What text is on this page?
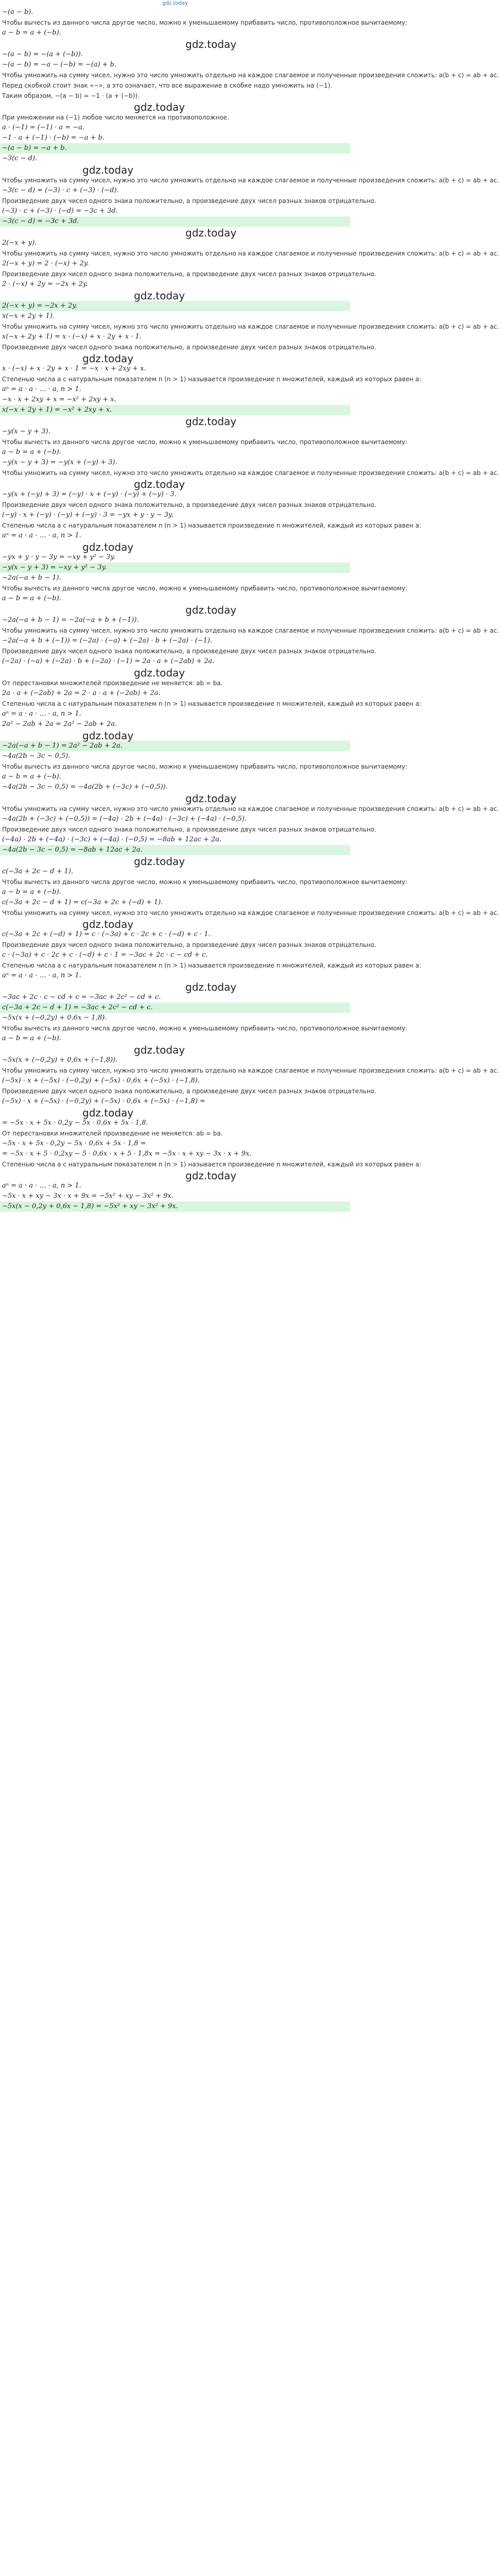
gdz.today
−(a − b).
Чтобы вычесть из данного числа другое число, можно к уменьшаемому прибавить число, противоположное вычитаемому:
a − b = a + (−b).
gdz.today
−(a − b) = −(a + (−b)).
−(a − b) = −a − (−b) = −(a) + b.
Чтобы умножить на сумму чисел, нужно это число умножить отдельно на каждое слагаемое и полученные произведения сложить: a(b + c) = ab + ac.
Перед скобкой стоит знак «−», а это означает, что все выражение в скобке надо умножить на (−1).
Таким образом, −(a − b) = −1 · (a + (−b)).
gdz.today
При умножении на (−1) любое число меняется на противоположное.
a · (−1) = (−1) · a = −a.
−1 · a + (−1) · (−b) = −a + b.
−(a − b) = −a + b.
−3(c − d).
gdz.today
Чтобы умножить на сумму чисел, нужно это число умножить отдельно на каждое слагаемое и полученные произведения сложить: a(b + c) = ab + ac.
−3(c − d) = (−3) · c + (−3) · (−d).
Произведение двух чисел одного знака положительно, а произведение двух чисел разных знаков отрицательно.
(−3) · c + (−3) · (−d) = −3c + 3d.
−3(c − d) = −3c + 3d.
gdz.today
2(−x + y).
Чтобы умножить на сумму чисел, нужно это число умножить отдельно на каждое слагаемое и полученные произведения сложить: a(b + c) = ab + ac.
2(−x + y) = 2 · (−x) + 2y.
Произведение двух чисел одного знака положительно, а произведение двух чисел разных знаков отрицательно.
2 · (−x) + 2y = −2x + 2y.
gdz.today
2(−x + y) = −2x + 2y.
x(−x + 2y + 1).
Чтобы умножить на сумму чисел, нужно это число умножить отдельно на каждое слагаемое и полученные произведения сложить: a(b + c) = ab + ac.
x(−x + 2y + 1) = x · (−x) + x · 2y + x · 1.
Произведение двух чисел одного знака положительно, а произведение двух чисел разных знаков отрицательно.
gdz.today
x · (−x) + x · 2y + x · 1 = −x · x + 2xy + x.
Степенью числа a с натуральным показателем n (n > 1) называется произведение n множителей, каждый из которых равен a:
aⁿ = a · a · … · a, n > 1.
−x · x + 2xy + x = −x² + 2xy + x.
x(−x + 2y + 1) = −x² + 2xy + x.
gdz.today
−y(x − y + 3).
Чтобы вычесть из данного числа другое число, можно к уменьшаемому прибавить число, противоположное вычитаемому:
a − b = a + (−b).
−y(x − y + 3) = −y(x + (−y) + 3).
Чтобы умножить на сумму чисел, нужно это число умножить отдельно на каждое слагаемое и полученные произведения сложить: a(b + c) = ab + ac.
gdz.today
−y(x + (−y) + 3) = (−y) · x + (−y) · (−y) + (−y) · 3.
Произведение двух чисел одного знака положительно, а произведение двух чисел разных знаков отрицательно.
(−y) · x + (−y) · (−y) + (−y) · 3 = −yx + y · y − 3y.
Степенью числа a с натуральным показателем n (n > 1) называется произведение n множителей, каждый из которых равен a:
aⁿ = a · a · … · a, n > 1.
gdz.today
−yx + y · y − 3y = −xy + y² − 3y.
−y(x − y + 3) = −xy + y² − 3y.
−2a(−a + b − 1).
Чтобы вычесть из данного числа другое число, можно к уменьшаемому прибавить число, противоположное вычитаемому:
a − b = a + (−b).
gdz.today
−2a(−a + b − 1) = −2a(−a + b + (−1)).
Чтобы умножить на сумму чисел, нужно это число умножить отдельно на каждое слагаемое и полученные произведения сложить: a(b + c) = ab + ac.
−2a(−a + b + (−1)) = (−2a) · (−a) + (−2a) · b + (−2a) · (−1).
Произведение двух чисел одного знака положительно, а произведение двух чисел разных знаков отрицательно.
(−2a) · (−a) + (−2a) · b + (−2a) · (−1) = 2a · a + (−2ab) + 2a.
gdz.today
От перестановки множителей произведение не меняется: ab = ba.
2a · a + (−2ab) + 2a = 2 · a · a + (−2ab) + 2a.
Степенью числа a с натуральным показателем n (n > 1) называется произведение n множителей, каждый из которых равен a:
aⁿ = a · a · … · a, n > 1.
2a² − 2ab + 2a = 2a² − 2ab + 2a.
gdz.today
−2a(−a + b − 1) = 2a² − 2ab + 2a.
−4a(2b − 3c − 0,5).
Чтобы вычесть из данного числа другое число, можно к уменьшаемому прибавить число, противоположное вычитаемому:
a − b = a + (−b).
−4a(2b − 3c − 0,5) = −4a(2b + (−3c) + (−0,5)).
gdz.today
Чтобы умножить на сумму чисел, нужно это число умножить отдельно на каждое слагаемое и полученные произведения сложить: a(b + c) = ab + ac.
−4a(2b + (−3c) + (−0,5)) = (−4a) · 2b + (−4a) · (−3c) + (−4a) · (−0,5).
Произведение двух чисел одного знака положительно, а произведение двух чисел разных знаков отрицательно.
(−4a) · 2b + (−4a) · (−3c) + (−4a) · (−0,5) = −8ab + 12ac + 2a.
−4a(2b − 3c − 0,5) = −8ab + 12ac + 2a.
gdz.today
c(−3a + 2c − d + 1).
Чтобы вычесть из данного числа другое число, можно к уменьшаемому прибавить число, противоположное вычитаемому:
a − b = a + (−b).
c(−3a + 2c − d + 1) = c(−3a + 2c + (−d) + 1).
Чтобы умножить на сумму чисел, нужно это число умножить отдельно на каждое слагаемое и полученные произведения сложить: a(b + c) = ab + ac.
gdz.today
c(−3a + 2c + (−d) + 1) = c · (−3a) + c · 2c + c · (−d) + c · 1.
Произведение двух чисел одного знака положительно, а произведение двух чисел разных знаков отрицательно.
c · (−3a) + c · 2c + c · (−d) + c · 1 = −3ac + 2c · c − cd + c.
Степенью числа a с натуральным показателем n (n > 1) называется произведение n множителей, каждый из которых равен a:
aⁿ = a · a · … · a, n > 1.
gdz.today
−3ac + 2c · c − cd + c = −3ac + 2c² − cd + c.
c(−3a + 2c − d + 1) = −3ac + 2c² − cd + c.
−5x(x + (−0,2y) + 0,6x − 1,8).
Чтобы вычесть из данного числа другое число, можно к уменьшаемому прибавить число, противоположное вычитаемому:
a − b = a + (−b).
gdz.today
−5x(x + (−0,2y) + 0,6x + (−1,8)).
Чтобы умножить на сумму чисел, нужно это число умножить отдельно на каждое слагаемое и полученные произведения сложить: a(b + c) = ab + ac.
(−5x) · x + (−5x) · (−0,2y) + (−5x) · 0,6x + (−5x) · (−1,8).
Произведение двух чисел одного знака положительно, а произведение двух чисел разных знаков отрицательно.
(−5x) · x + (−5x) · (−0,2y) + (−5x) · 0,6x + (−5x) · (−1,8) =
gdz.today
= −5x · x + 5x · 0,2y − 5x · 0,6x + 5x · 1,8.
От перестановки множителей произведение не меняется: ab = ba.
−5x · x + 5x · 0,2y − 5x · 0,6x + 5x · 1,8 =
= −5x · x + 5 · 0,2xy − 5 · 0,6x · x + 5 · 1,8x = −5x · x + xy − 3x · x + 9x.
Степенью числа a с натуральным показателем n (n > 1) называется произведение n множителей, каждый из которых равен a:
gdz.today
aⁿ = a · a · … · a, n > 1.
−5x · x + xy − 3x · x + 9x = −5x² + xy − 3x² + 9x.
−5x(x − 0,2y + 0,6x − 1,8) = −5x² + xy − 3x² + 9x.
